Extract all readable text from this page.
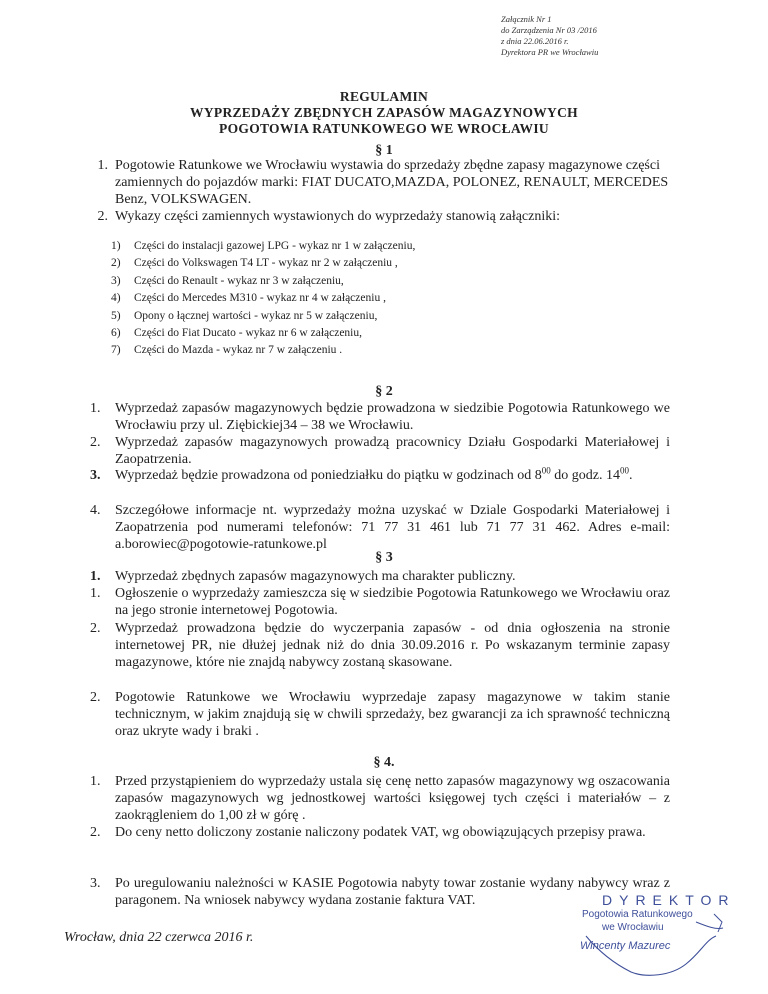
Załącznik Nr 1
do Zarządzenia Nr 03 /2016
z dnia 22.06.2016 r.
Dyrektora PR we Wrocławiu
REGULAMIN
WYPRZEDAŻY ZBĘDNYCH ZAPASÓW MAGAZYNOWYCH
POGOTOWIA RATUNKOWEGO WE WROCŁAWIU
§ 1
1. Pogotowie Ratunkowe we Wrocławiu wystawia do sprzedaży zbędne zapasy magazynowe części zamiennych do pojazdów marki: FIAT DUCATO,MAZDA, POLONEZ, RENAULT, MERCEDES Benz, VOLKSWAGEN.
2. Wykazy części zamiennych wystawionych do wyprzedaży stanowią załączniki:
1) Części do instalacji gazowej LPG - wykaz nr 1 w załączeniu,
2) Części do Volkswagen T4 LT - wykaz nr 2 w załączeniu ,
3) Części do Renault - wykaz nr 3 w załączeniu,
4) Części do Mercedes M310 - wykaz nr 4 w załączeniu ,
5) Opony o łącznej wartości - wykaz nr 5 w załączeniu,
6) Części do Fiat Ducato - wykaz nr 6 w załączeniu,
7) Części do Mazda - wykaz nr 7 w załączeniu .
§ 2
1.	Wyprzedaż zapasów magazynowych będzie prowadzona w siedzibie Pogotowia Ratunkowego we Wrocławiu przy ul. Ziębickiej34 – 38 we Wrocławiu.
2.	Wyprzedaż zapasów magazynowych prowadzą pracownicy Działu Gospodarki Materiałowej i Zaopatrzenia.
3.	Wyprzedaż będzie prowadzona od poniedziałku do piątku w godzinach od $8^{00}$ do godz. $14^{00}$.
4.	Szczegółowe informacje nt. wyprzedaży można uzyskać w Dziale Gospodarki Materiałowej i Zaopatrzenia pod numerami telefonów: 71 77 31 461 lub 71 77 31 462. Adres e-mail: a.borowiec@pogotowie-ratunkowe.pl
§ 3
1.	Wyprzedaż zbędnych zapasów magazynowych ma charakter publiczny.
1.	Ogłoszenie o wyprzedaży zamieszcza się w siedzibie Pogotowia Ratunkowego we Wrocławiu oraz na jego stronie internetowej Pogotowia.
2.	Wyprzedaż prowadzona będzie do wyczerpania zapasów - od dnia ogłoszenia na stronie internetowej PR, nie dłużej jednak niż do dnia 30.09.2016 r. Po wskazanym terminie zapasy magazynowe, które nie znajdą nabywcy zostaną skasowane.
2.	Pogotowie Ratunkowe we Wrocławiu wyprzedaje zapasy magazynowe w takim stanie technicznym, w jakim znajdują się w chwili sprzedaży, bez gwarancji za ich sprawność techniczną oraz ukryte wady i braki .
§ 4.
1.	Przed przystąpieniem do wyprzedaży ustala się cenę netto zapasów magazynowy wg oszacowania zapasów magazynowych wg jednostkowej wartości księgowej tych części i materiałów – z zaokrągleniem do 1,00 zł w górę .
2.	Do ceny netto doliczony zostanie naliczony podatek VAT, wg obowiązujących przepisy prawa.
3.	Po uregulowaniu należności w KASIE Pogotowia nabyty towar zostanie wydany nabywcy wraz z paragonem. Na wniosek nabywcy wydana zostanie faktura VAT.
Wrocław, dnia 22 czerwca 2016 r.
DYREKTOR
Pogotowia Ratunkowego
we Wrocławiu
Wincenty Mazurec
